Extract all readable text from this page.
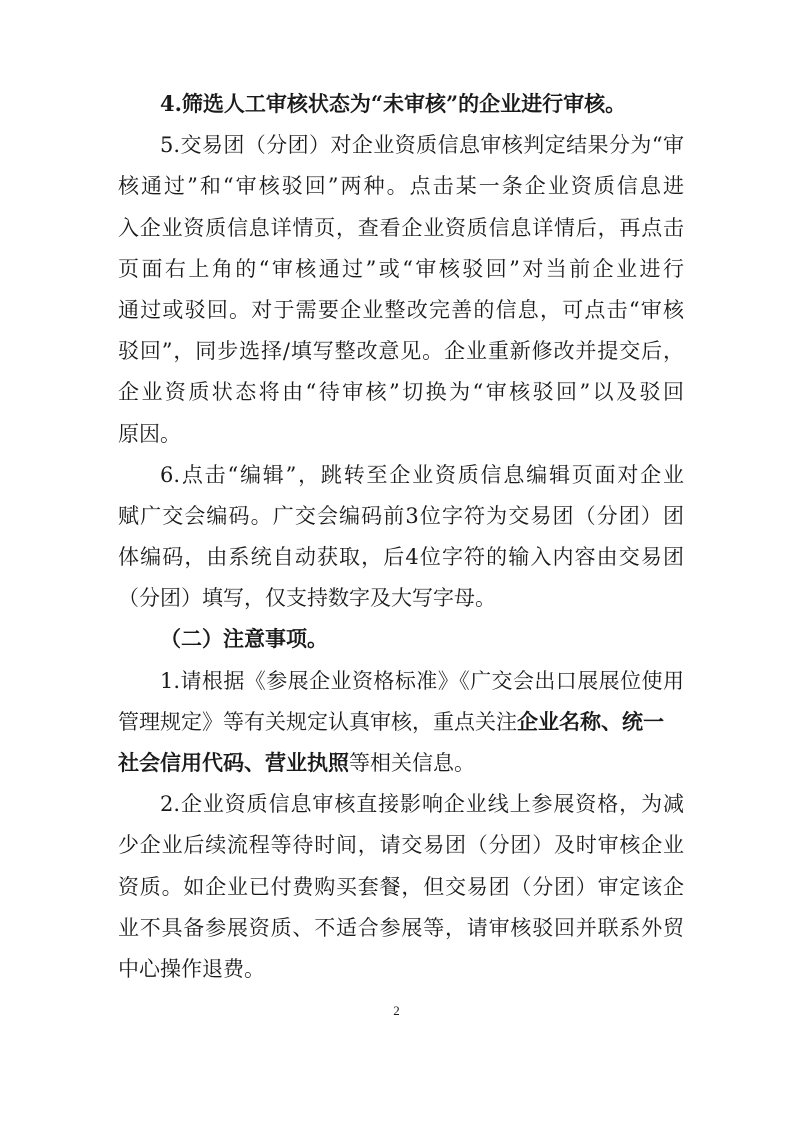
4.筛选人工审核状态为“未审核”的企业进行审核。
5.交易团（分团）对企业资质信息审核判定结果分为“审
核通过”和“审核驳回”两种。点击某一条企业资质信息进
入企业资质信息详情页，查看企业资质信息详情后，再点击
页面右上角的“审核通过”或“审核驳回”对当前企业进行
通过或驳回。对于需要企业整改完善的信息，可点击“审核
驳回”，同步选择/填写整改意见。企业重新修改并提交后，
企业资质状态将由“待审核”切换为“审核驳回”以及驳回
原因。
6.点击“编辑”，跳转至企业资质信息编辑页面对企业
赋广交会编码。广交会编码前3位字符为交易团（分团）团
体编码，由系统自动获取，后4位字符的输入内容由交易团
（分团）填写，仅支持数字及大写字母。
（二）注意事项。
1.请根据《参展企业资格标准》《广交会出口展展位使用
管理规定》等有关规定认真审核，重点关注企业名称、统一
社会信用代码、营业执照等相关信息。
2.企业资质信息审核直接影响企业线上参展资格，为减
少企业后续流程等待时间，请交易团（分团）及时审核企业
资质。如企业已付费购买套餐，但交易团（分团）审定该企
业不具备参展资质、不适合参展等，请审核驳回并联系外贸
中心操作退费。
2
